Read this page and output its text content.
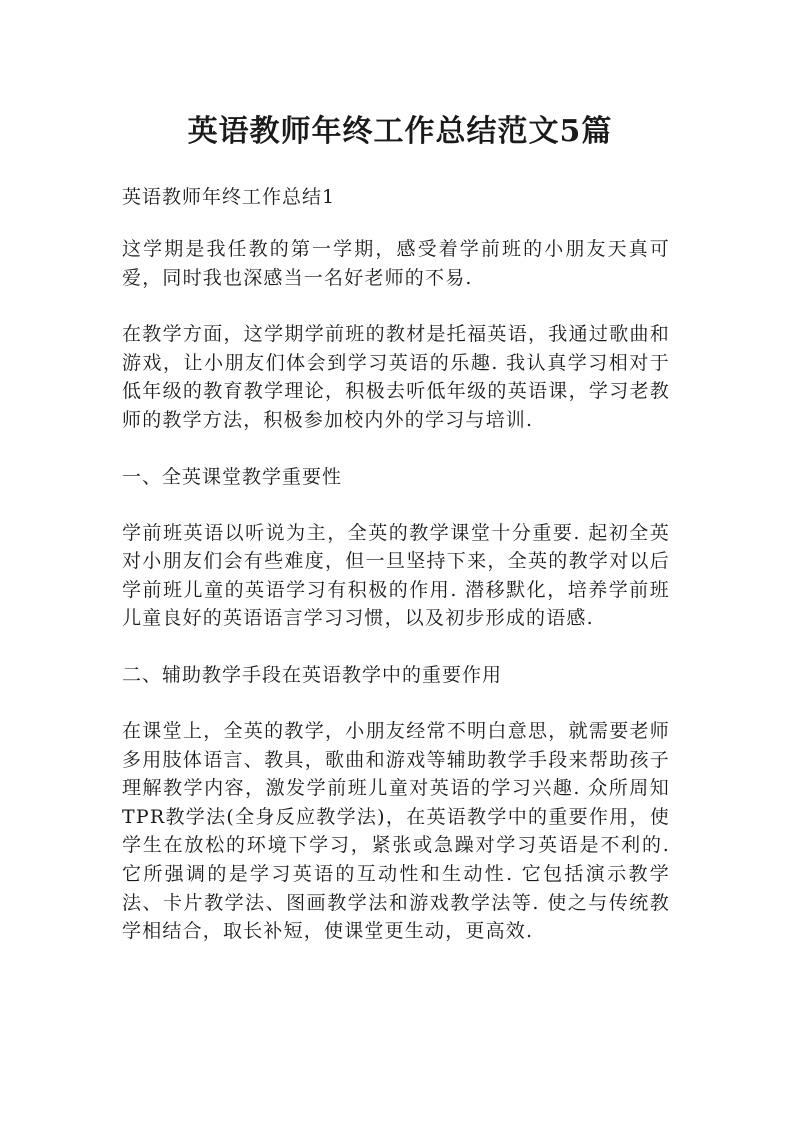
英语教师年终工作总结范文5篇

英语教师年终工作总结1

这学期是我任教的第一学期，感受着学前班的小朋友天真可爱，同时我也深感当一名好老师的不易.

在教学方面，这学期学前班的教材是托福英语，我通过歌曲和游戏，让小朋友们体会到学习英语的乐趣. 我认真学习相对于低年级的教育教学理论，积极去听低年级的英语课，学习老教师的教学方法，积极参加校内外的学习与培训.

一、全英课堂教学重要性

学前班英语以听说为主，全英的教学课堂十分重要. 起初全英对小朋友们会有些难度，但一旦坚持下来，全英的教学对以后学前班儿童的英语学习有积极的作用. 潜移默化，培养学前班儿童良好的英语语言学习习惯，以及初步形成的语感.

二、辅助教学手段在英语教学中的重要作用

在课堂上，全英的教学，小朋友经常不明白意思，就需要老师多用肢体语言、教具，歌曲和游戏等辅助教学手段来帮助孩子理解教学内容，激发学前班儿童对英语的学习兴趣. 众所周知TPR教学法(全身反应教学法)，在英语教学中的重要作用，使学生在放松的环境下学习，紧张或急躁对学习英语是不利的. 它所强调的是学习英语的互动性和生动性. 它包括演示教学法、卡片教学法、图画教学法和游戏教学法等. 使之与传统教学相结合，取长补短，使课堂更生动，更高效.
